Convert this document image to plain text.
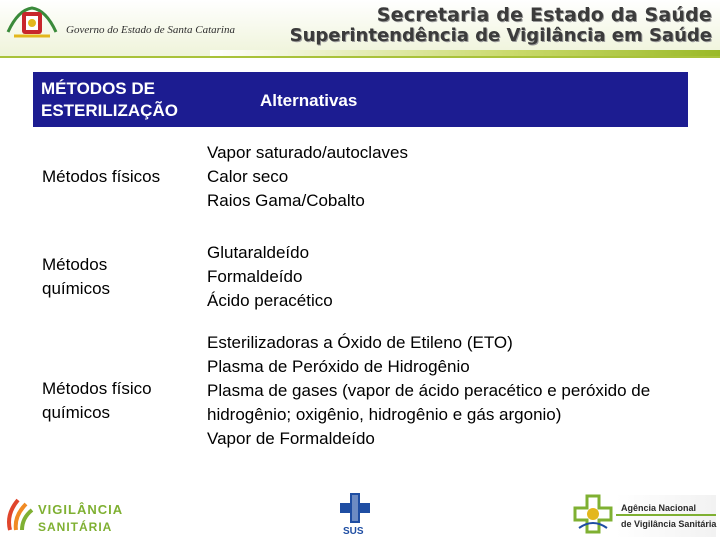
Governo do Estado de Santa Catarina
Secretaria de Estado da Saúde
Superintendência de Vigilância em Saúde
MÉTODOS DE ESTERILIZAÇÃO
Alternativas
Métodos físicos
Vapor saturado/autoclaves
Calor seco
Raios Gama/Cobalto
Métodos químicos
Glutaraldeído
Formaldeído
Ácido peracético
Métodos físico químicos
Esterilizadoras a Óxido de Etileno (ETO)
Plasma de Peróxido de Hidrogênio
Plasma de gases (vapor de ácido peracético e peróxido de hidrogênio; oxigênio, hidrogênio e gás argonio)
Vapor de Formaldeído
VIGILÂNCIA
SANITÁRIA	SUS
Agência Nacional
de Vigilância Sanitária
